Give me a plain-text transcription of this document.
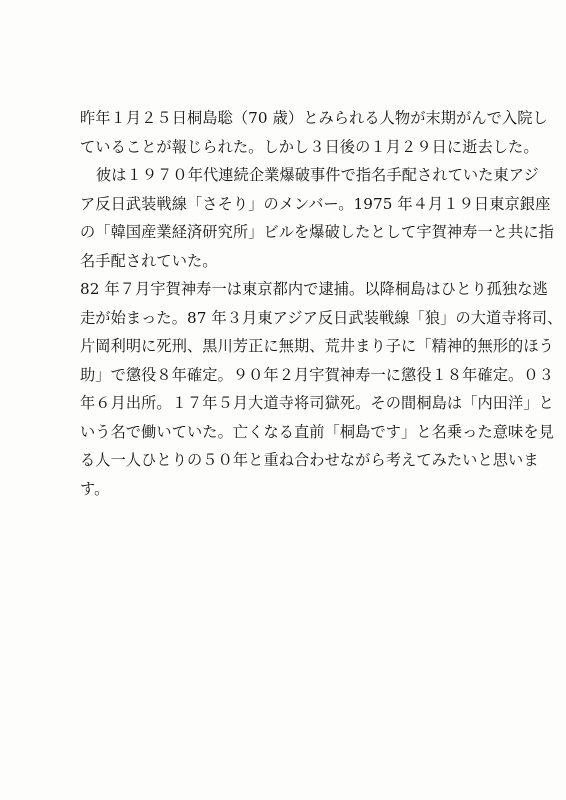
昨年１月２５日桐島聡（70 歳）とみられる人物が末期がんで入院し
ていることが報じられた。しかし３日後の１月２９日に逝去した。
彼は１９７０年代連続企業爆破事件で指名手配されていた東アジ
ア反日武装戦線「さそり」のメンバー。1975 年４月１９日東京銀座
の「韓国産業経済研究所」ビルを爆破したとして宇賀神寿一と共に指
名手配されていた。
82 年７月宇賀神寿一は東京都内で逮捕。以降桐島はひとり孤独な逃
走が始まった。87 年３月東アジア反日武装戦線「狼」の大道寺将司、
片岡利明に死刑、黒川芳正に無期、荒井まり子に「精神的無形的ほう
助」で懲役８年確定。９０年２月宇賀神寿一に懲役１８年確定。０３
年６月出所。１７年５月大道寺将司獄死。その間桐島は「内田洋」と
いう名で働いていた。亡くなる直前「桐島です」と名乗った意味を見
る人一人ひとりの５０年と重ね合わせながら考えてみたいと思いま
す。
